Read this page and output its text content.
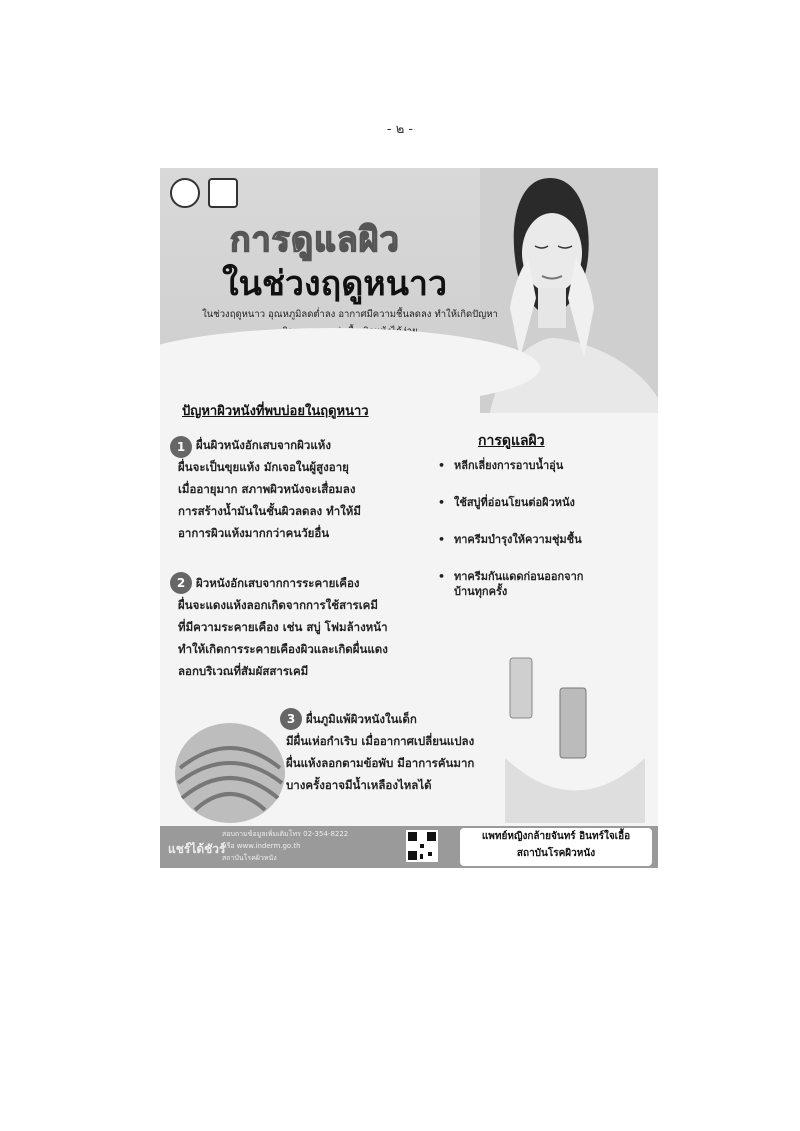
- ๒ -
การดูแลผิว
ในช่วงฤดูหนาว
ในช่วงฤดูหนาว อุณหภูมิลดต่ำลง อากาศมีความชื้นลดลง ทำให้เกิดปัญหา
ปัญหาผิวหนังที่พบบ่อยในฤดูหนาว
1 ผื่นผิวหนังอักเสบจากผิวแห้ง
ผื่นจะเป็นขุยแห้ง มักเจอในผู้สูงอายุ
เมื่ออายุมาก สภาพผิวหนังจะเสื่อมลง
การสร้างน้ำมันในชั้นผิวลดลง ทำให้มี
อาการผิวแห้งมากกว่าคนวัยอื่น
2 ผิวหนังอักเสบจากการระคายเคือง
ผื่นจะแดงแห้งลอกเกิดจากการใช้สารเคมี
ที่มีความระคายเคือง เช่น สบู่ โฟมล้างหน้า
ทำให้เกิดการระคายเคืองผิวและเกิดผื่นแดง
ลอกบริเวณที่สัมผัสสารเคมี
3 ผื่นภูมิแพ้ผิวหนังในเด็ก
มีผื่นเห่อกำเริบ เมื่ออากาศเปลี่ยนแปลง
ผื่นแห้งลอกตามข้อพับ มีอาการคันมาก
บางครั้งอาจมีน้ำเหลืองไหลได้
การดูแลผิว
• หลีกเลี่ยงการอาบน้ำอุ่น
• ใช้สบู่ที่อ่อนโยนต่อผิวหนัง
• ทาครีมบำรุงให้ความชุ่มชื้น
• ทาครีมกันแดดก่อนออกจากบ้านทุกครั้ง
แชร์ได้ชัวร์
สอบถามข้อมูลเพิ่มเติมโทร 02-354-8222
หรือ www.inderm.go.th
สถาบันโรคผิวหนัง
แพทย์หญิงกล้ายจันทร์ อินทร์ใจเอื้อ
สถาบันโรคผิวหนัง
